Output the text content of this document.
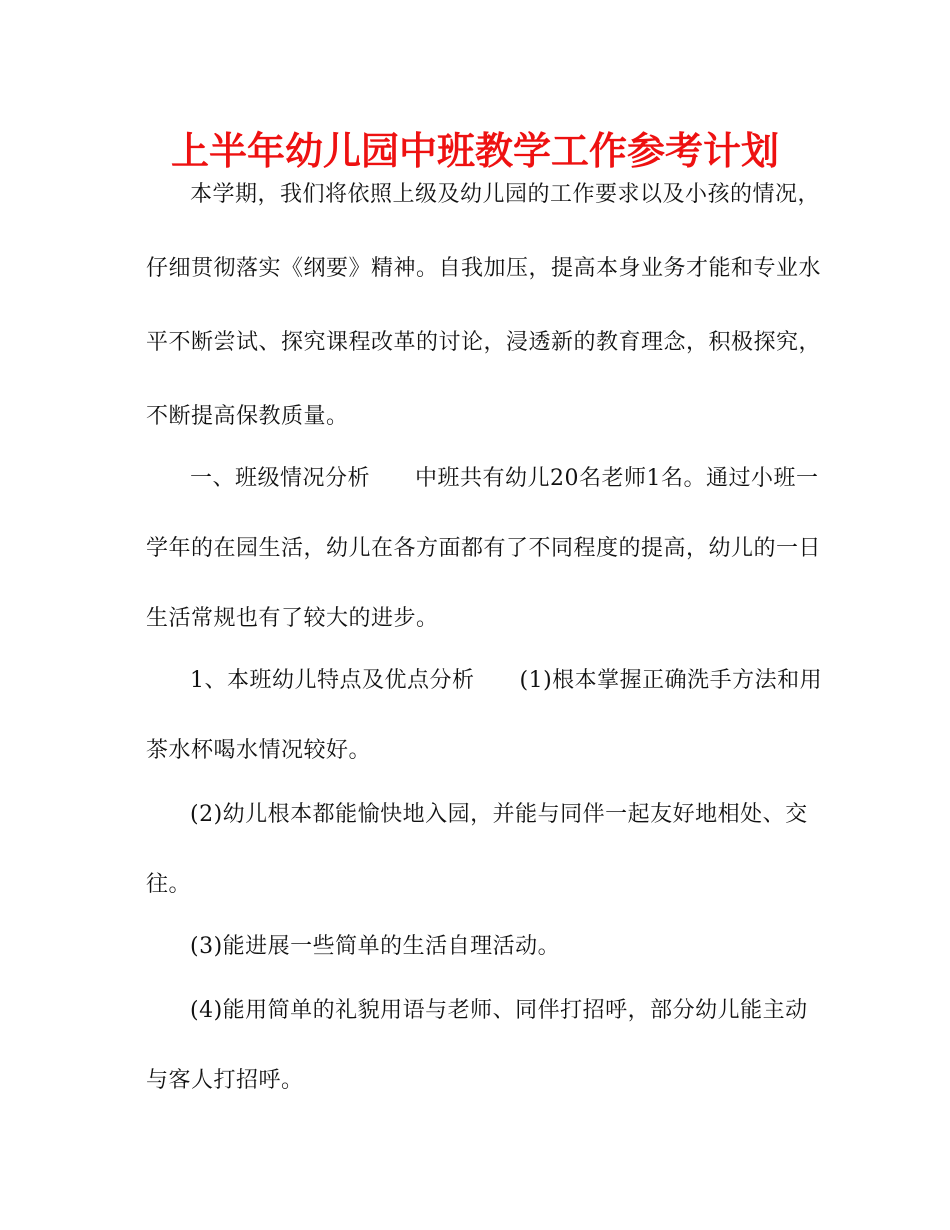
上半年幼儿园中班教学工作参考计划
本学期，我们将依照上级及幼儿园的工作要求以及小孩的情况，
仔细贯彻落实《纲要》精神。自我加压，提高本身业务才能和专业水
平不断尝试、探究课程改革的讨论，浸透新的教育理念，积极探究，
不断提高保教质量。
一、班级情况分析　　中班共有幼儿20名老师1名。通过小班一
学年的在园生活，幼儿在各方面都有了不同程度的提高，幼儿的一日
生活常规也有了较大的进步。
1、本班幼儿特点及优点分析　　(1)根本掌握正确洗手方法和用
茶水杯喝水情况较好。
(2)幼儿根本都能愉快地入园，并能与同伴一起友好地相处、交
往。
(3)能进展一些简单的生活自理活动。
(4)能用简单的礼貌用语与老师、同伴打招呼，部分幼儿能主动
与客人打招呼。
